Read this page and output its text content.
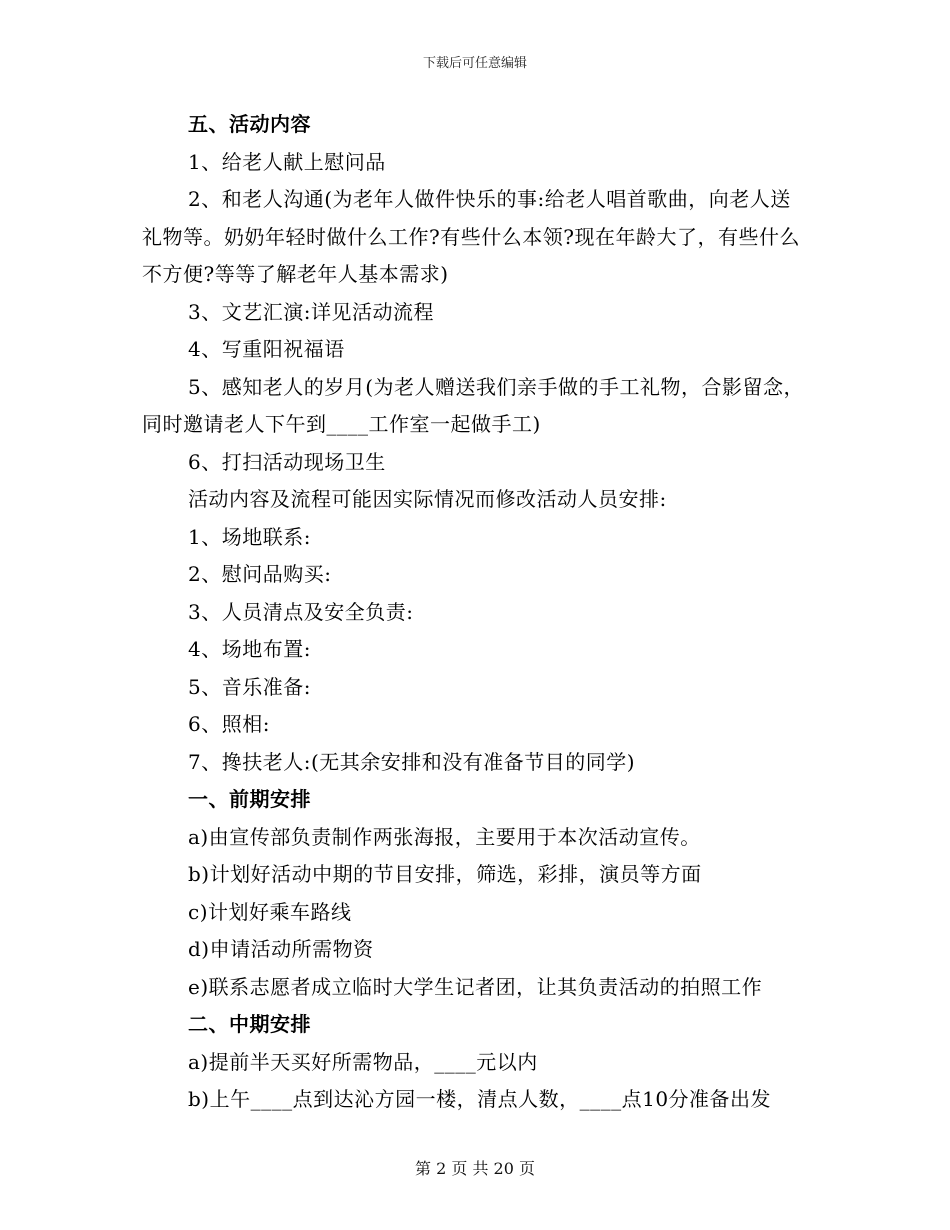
下载后可任意编辑

五、活动内容

1、给老人献上慰问品

2、和老人沟通(为老年人做件快乐的事:给老人唱首歌曲，向老人送礼物等。奶奶年轻时做什么工作?有些什么本领?现在年龄大了，有些什么不方便?等等了解老年人基本需求)

3、文艺汇演:详见活动流程

4、写重阳祝福语

5、感知老人的岁月(为老人赠送我们亲手做的手工礼物，合影留念，同时邀请老人下午到____工作室一起做手工)

6、打扫活动现场卫生

活动内容及流程可能因实际情况而修改活动人员安排:

1、场地联系:

2、慰问品购买:

3、人员清点及安全负责:

4、场地布置:

5、音乐准备:

6、照相:

7、搀扶老人:(无其余安排和没有准备节目的同学)

一、前期安排

a)由宣传部负责制作两张海报，主要用于本次活动宣传。

b)计划好活动中期的节目安排，筛选，彩排，演员等方面

c)计划好乘车路线

d)申请活动所需物资

e)联系志愿者成立临时大学生记者团，让其负责活动的拍照工作

二、中期安排

a)提前半天买好所需物品，____元以内

b)上午____点到达沁方园一楼，清点人数，____点10分准备出发

第 2 页 共 20 页
